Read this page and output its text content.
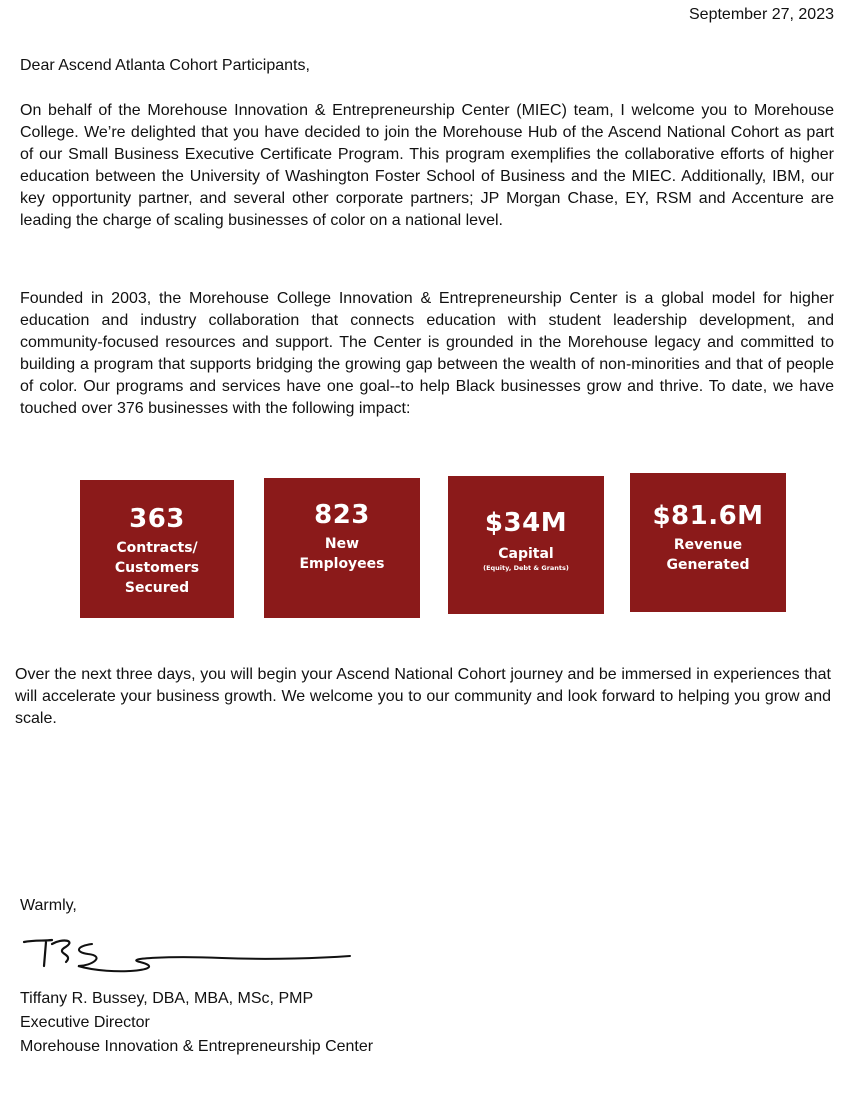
September 27, 2023
Dear Ascend Atlanta Cohort Participants,

On behalf of the Morehouse Innovation & Entrepreneurship Center (MIEC) team, I welcome you to Morehouse College. We’re delighted that you have decided to join the Morehouse Hub of the Ascend National Cohort as part of our Small Business Executive Certificate Program. This program exemplifies the collaborative efforts of higher education between the University of Washington Foster School of Business and the MIEC. Additionally, IBM, our key opportunity partner, and several other corporate partners; JP Morgan Chase, EY, RSM and Accenture are leading the charge of scaling businesses of color on a national level.

Founded in 2003, the Morehouse College Innovation & Entrepreneurship Center is a global model for higher education and industry collaboration that connects education with student leadership development, and community-focused resources and support. The Center is grounded in the Morehouse legacy and committed to building a program that supports bridging the growing gap between the wealth of non-minorities and that of people of color. Our programs and services have one goal--to help Black businesses grow and thrive. To date, we have touched over 376 businesses with the following impact:

363
Contracts/
Customers
Secured
823
New
Employees
$34M
Capital
(Equity, Debt & Grants)
$81.6M
Revenue
Generated

Over the next three days, you will begin your Ascend National Cohort journey and be immersed in experiences that will accelerate your business growth. We welcome you to our community and look forward to helping you grow and scale.

Warmly,
Tiffany R. Bussey, DBA, MBA, MSc, PMP
Executive Director
Morehouse Innovation & Entrepreneurship Center
